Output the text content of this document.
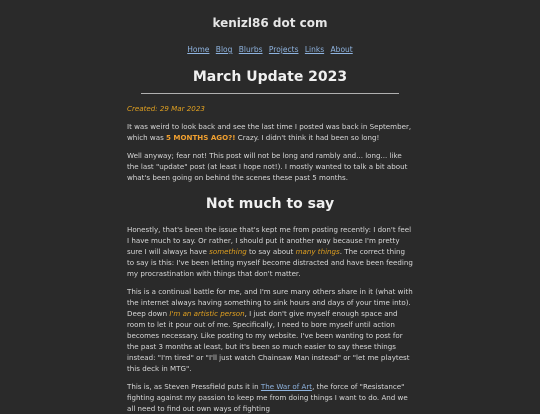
kenizl86 dot com
Home Blog Blurbs Projects Links About
March Update 2023

Created: 29 Mar 2023

It was weird to look back and see the last time I posted was back in September, which was 5 MONTHS AGO?! Crazy. I didn't think it had been so long!

Well anyway; fear not! This post will not be long and rambly and... long... like the last "update" post (at least I hope not!). I mostly wanted to talk a bit about what's been going on behind the scenes these past 5 months.

Not much to say

Honestly, that's been the issue that's kept me from posting recently: I don't feel I have much to say. Or rather, I should put it another way because I'm pretty sure I will always have something to say about many things. The correct thing to say is this: I've been letting myself become distracted and have been feeding my procrastination with things that don't matter.

This is a continual battle for me, and I'm sure many others share in it (what with the internet always having something to sink hours and days of your time into). Deep down I'm an artistic person, I just don't give myself enough space and room to let it pour out of me. Specifically, I need to bore myself until action becomes necessary. Like posting to my website. I've been wanting to post for the past 3 months at least, but it's been so much easier to say these things instead: "I'm tired" or "I'll just watch Chainsaw Man instead" or "let me playtest this deck in MTG".

This is, as Steven Pressfield puts it in The War of Art, the force of "Resistance" fighting against my passion to keep me from doing things I want to do. And we all need to find out own ways of fighting
